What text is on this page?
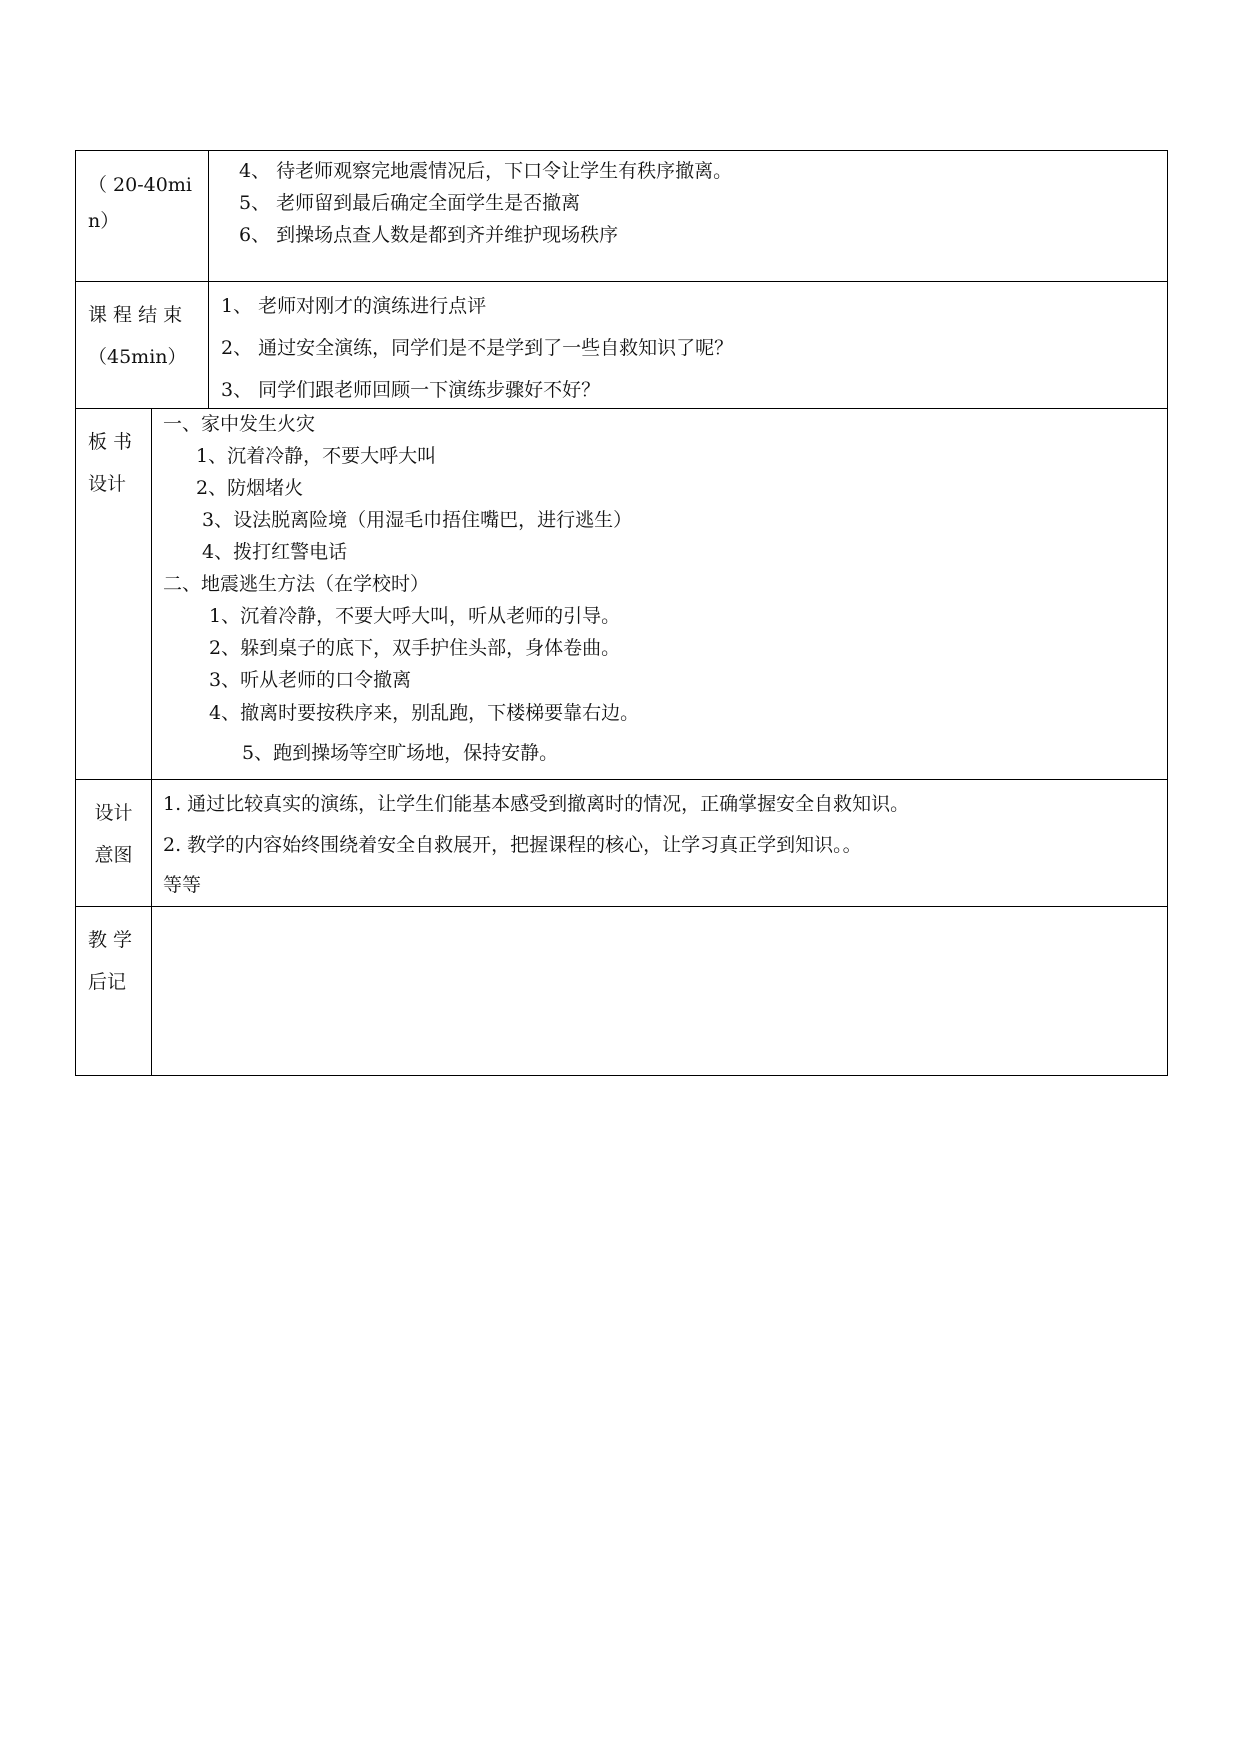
（ 20-40mi
n）
4、 待老师观察完地震情况后，下口令让学生有秩序撤离。
5、 老师留到最后确定全面学生是否撤离
6、 到操场点查人数是都到齐并维护现场秩序
课 程 结 束
（45min）
1、 老师对刚才的演练进行点评
2、 通过安全演练，同学们是不是学到了一些自救知识了呢？
3、 同学们跟老师回顾一下演练步骤好不好？
板 书
设计
一、家中发生火灾
1、沉着冷静，不要大呼大叫
2、防烟堵火
3、设法脱离险境（用湿毛巾捂住嘴巴，进行逃生）
4、拨打红警电话
二、地震逃生方法（在学校时）
1、沉着冷静，不要大呼大叫，听从老师的引导。
2、躲到桌子的底下，双手护住头部，身体卷曲。
3、听从老师的口令撤离
4、撤离时要按秩序来，别乱跑，下楼梯要靠右边。
5、跑到操场等空旷场地，保持安静。
设计
意图
1. 通过比较真实的演练，让学生们能基本感受到撤离时的情况，正确掌握安全自救知识。
2. 教学的内容始终围绕着安全自救展开，把握课程的核心，让学习真正学到知识。。
等等
教 学
后记
